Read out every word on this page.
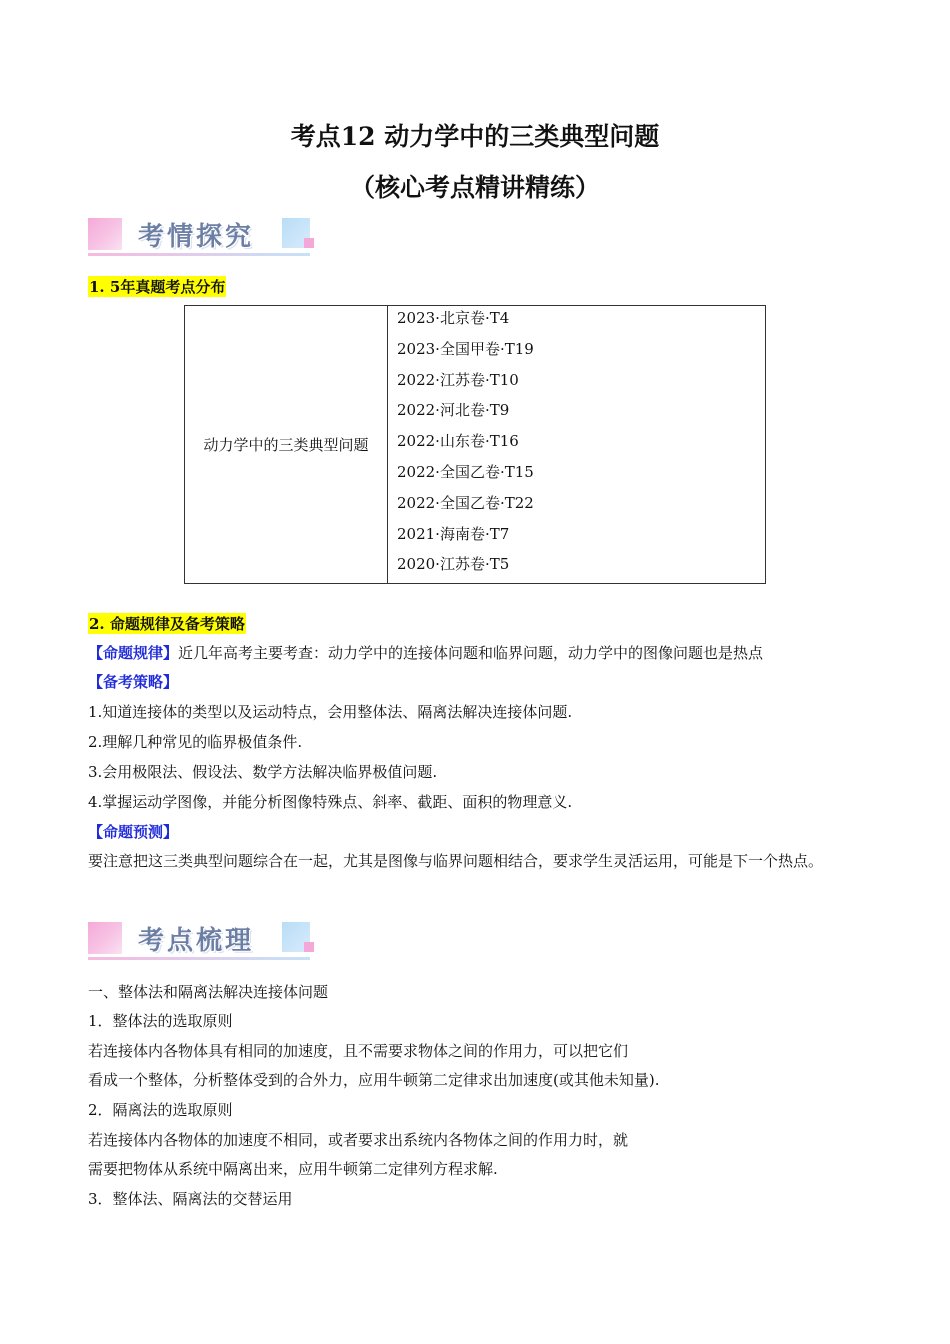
考点12 动力学中的三类典型问题
（核心考点精讲精练）
考情探究
1. 5年真题考点分布
动力学中的三类典型问题	
2023·北京卷·T4
2023·全国甲卷·T19
2022·江苏卷·T10
2022·河北卷·T9
2022·山东卷·T16
2022·全国乙卷·T15
2022·全国乙卷·T22
2021·海南卷·T7
2020·江苏卷·T5
2. 命题规律及备考策略
【命题规律】近几年高考主要考查：动力学中的连接体问题和临界问题，动力学中的图像问题也是热点
【备考策略】
1.知道连接体的类型以及运动特点，会用整体法、隔离法解决连接体问题.
2.理解几种常见的临界极值条件.
3.会用极限法、假设法、数学方法解决临界极值问题.
4.掌握运动学图像，并能分析图像特殊点、斜率、截距、面积的物理意义.
【命题预测】
要注意把这三类典型问题综合在一起，尤其是图像与临界问题相结合，要求学生灵活运用，可能是下一个热点。
考点梳理
一、整体法和隔离法解决连接体问题
1．整体法的选取原则
若连接体内各物体具有相同的加速度，且不需要求物体之间的作用力，可以把它们
看成一个整体，分析整体受到的合外力，应用牛顿第二定律求出加速度(或其他未知量).
2．隔离法的选取原则
若连接体内各物体的加速度不相同，或者要求出系统内各物体之间的作用力时，就
需要把物体从系统中隔离出来，应用牛顿第二定律列方程求解.
3．整体法、隔离法的交替运用
